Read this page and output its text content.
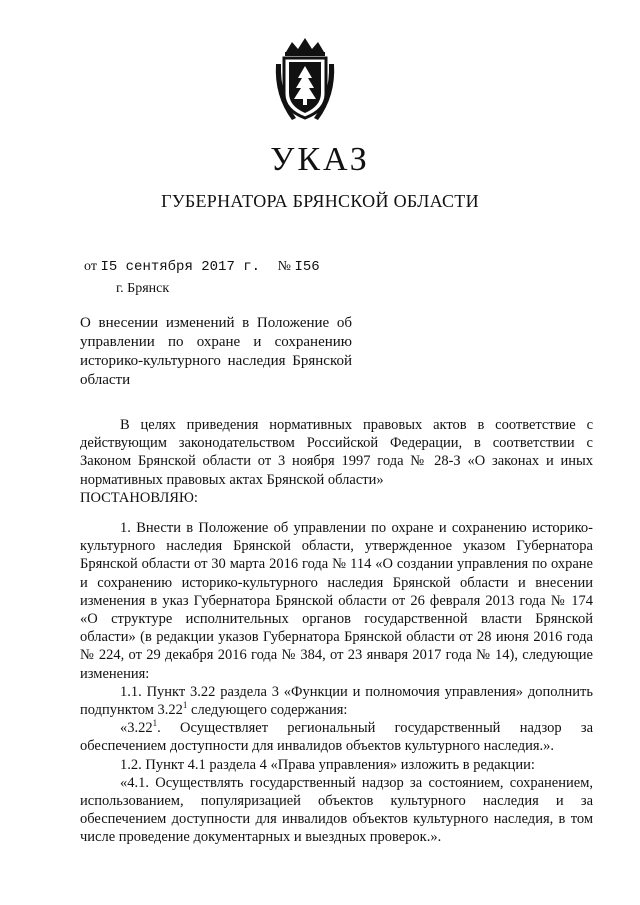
УКАЗ
ГУБЕРНАТОРА БРЯНСКОЙ ОБЛАСТИ
от I5 сентября 2017 г. № I56
г. Брянск
О внесении изменений в Положение об управлении по охране и сохранению историко-культурного наследия Брянской области

В целях приведения нормативных правовых актов в соответствие с действующим законодательством Российской Федерации, в соответствии с Законом Брянской области от 3 ноября 1997 года № 28-З «О законах и иных нормативных правовых актах Брянской области»

ПОСТАНОВЛЯЮ:

1. Внести в Положение об управлении по охране и сохранению историко-культурного наследия Брянской области, утвержденное указом Губернатора Брянской области от 30 марта 2016 года № 114 «О создании управления по охране и сохранению историко-культурного наследия Брянской области и внесении изменения в указ Губернатора Брянской области от 26 февраля 2013 года № 174 «О структуре исполнительных органов государственной власти Брянской области» (в редакции указов Губернатора Брянской области от 28 июня 2016 года № 224, от 29 декабря 2016 года № 384, от 23 января 2017 года № 14), следующие изменения:

1.1. Пункт 3.22 раздела 3 «Функции и полномочия управления» дополнить подпунктом 3.22$^1$ следующего содержания:

«3.22$^1$. Осуществляет региональный государственный надзор за обеспечением доступности для инвалидов объектов культурного наследия.».

1.2. Пункт 4.1 раздела 4 «Права управления» изложить в редакции:

«4.1. Осуществлять государственный надзор за состоянием, сохранением, использованием, популяризацией объектов культурного наследия и за обеспечением доступности для инвалидов объектов культурного наследия, в том числе проведение документарных и выездных проверок.».
